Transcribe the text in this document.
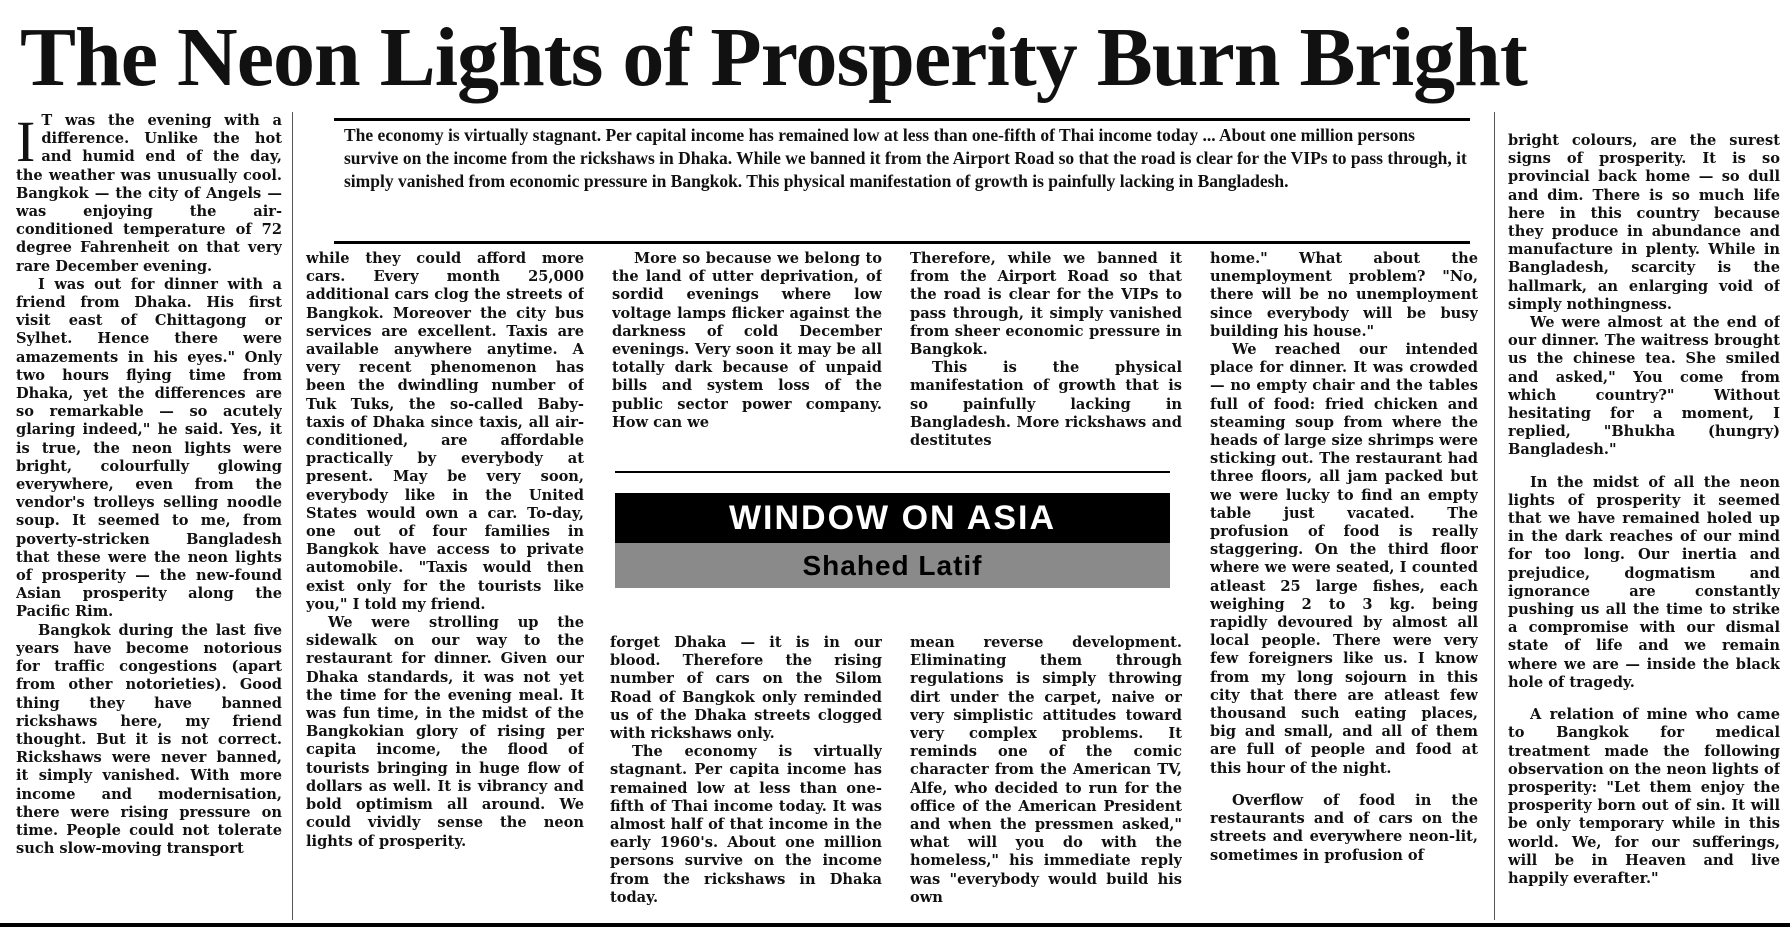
The Neon Lights of Prosperity Burn Bright

The economy is virtually stagnant. Per capital income has remained low at less than one-fifth of Thai income today ... About one million persons survive on the income from the rickshaws in Dhaka. While we banned it from the Airport Road so that the road is clear for the VIPs to pass through, it simply vanished from economic pressure in Bangkok. This physical manifestation of growth is painfully lacking in Bangladesh.

I T was the evening with a difference. Unlike the hot and humid end of the day, the weather was unusually cool. Bangkok — the city of Angels — was enjoying the air-conditioned temperature of 72 degree Fahrenheit on that very rare December evening.

I was out for dinner with a friend from Dhaka. His first visit east of Chittagong or Sylhet. Hence there were amazements in his eyes." Only two hours flying time from Dhaka, yet the differences are so remarkable — so acutely glaring indeed," he said. Yes, it is true, the neon lights were bright, colourfully glowing everywhere, even from the vendor's trolleys selling noodle soup. It seemed to me, from poverty-stricken Bangladesh that these were the neon lights of prosperity — the new-found Asian prosperity along the Pacific Rim.

Bangkok during the last five years have become notorious for traffic congestions (apart from other notorieties). Good thing they have banned rickshaws here, my friend thought. But it is not correct. Rickshaws were never banned, it simply vanished. With more income and modernisation, there were rising pressure on time. People could not tolerate such slow-moving transport

while they could afford more cars. Every month 25,000 additional cars clog the streets of Bangkok. Moreover the city bus services are excellent. Taxis are available anywhere anytime. A very recent phenomenon has been the dwindling number of Tuk Tuks, the so-called Baby-taxis of Dhaka since taxis, all air-conditioned, are affordable practically by everybody at present. May be very soon, everybody like in the United States would own a car. To-day, one out of four families in Bangkok have access to private automobile. "Taxis would then exist only for the tourists like you," I told my friend.

We were strolling up the sidewalk on our way to the restaurant for dinner. Given our Dhaka standards, it was not yet the time for the evening meal. It was fun time, in the midst of the Bangkokian glory of rising per capita income, the flood of tourists bringing in huge flow of dollars as well. It is vibrancy and bold optimism all around. We could vividly sense the neon lights of prosperity.

More so because we belong to the land of utter deprivation, of sordid evenings where low voltage lamps flicker against the darkness of cold December evenings. Very soon it may be all totally dark because of unpaid bills and system loss of the public sector power company. How can we

Therefore, while we banned it from the Airport Road so that the road is clear for the VIPs to pass through, it simply vanished from sheer economic pressure in Bangkok.

This is the physical manifestation of growth that is so painfully lacking in Bangladesh. More rickshaws and destitutes

WINDOW ON ASIA
Shahed Latif

forget Dhaka — it is in our blood. Therefore the rising number of cars on the Silom Road of Bangkok only reminded us of the Dhaka streets clogged with rickshaws only.

The economy is virtually stagnant. Per capita income has remained low at less than one-fifth of Thai income today. It was almost half of that income in the early 1960's. About one million persons survive on the income from the rickshaws in Dhaka today.

mean reverse development. Eliminating them through regulations is simply throwing dirt under the carpet, naive or very simplistic attitudes toward very complex problems. It reminds one of the comic character from the American TV, Alfe, who decided to run for the office of the American President and when the pressmen asked," what will you do with the homeless," his immediate reply was "everybody would build his own

home." What about the unemployment problem? "No, there will be no unemployment since everybody will be busy building his house."

We reached our intended place for dinner. It was crowded — no empty chair and the tables full of food: fried chicken and steaming soup from where the heads of large size shrimps were sticking out. The restaurant had three floors, all jam packed but we were lucky to find an empty table just vacated. The profusion of food is really staggering. On the third floor where we were seated, I counted atleast 25 large fishes, each weighing 2 to 3 kg. being rapidly devoured by almost all local people. There were very few foreigners like us. I know from my long sojourn in this city that there are atleast few thousand such eating places, big and small, and all of them are full of people and food at this hour of the night.

Overflow of food in the restaurants and of cars on the streets and everywhere neon-lit, sometimes in profusion of

bright colours, are the surest signs of prosperity. It is so provincial back home — so dull and dim. There is so much life here in this country because they produce in abundance and manufacture in plenty. While in Bangladesh, scarcity is the hallmark, an enlarging void of simply nothingness.

We were almost at the end of our dinner. The waitress brought us the chinese tea. She smiled and asked," You come from which country?" Without hesitating for a moment, I replied, "Bhukha (hungry) Bangladesh."

In the midst of all the neon lights of prosperity it seemed that we have remained holed up in the dark reaches of our mind for too long. Our inertia and prejudice, dogmatism and ignorance are constantly pushing us all the time to strike a compromise with our dismal state of life and we remain where we are — inside the black hole of tragedy.

A relation of mine who came to Bangkok for medical treatment made the following observation on the neon lights of prosperity: "Let them enjoy the prosperity born out of sin. It will be only temporary while in this world. We, for our sufferings, will be in Heaven and live happily everafter."
